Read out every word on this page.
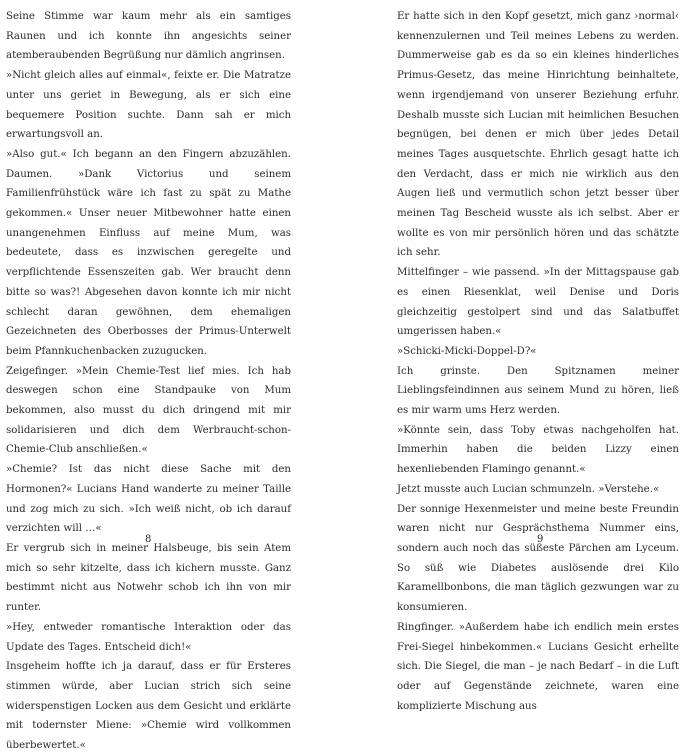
Seine Stimme war kaum mehr als ein samtiges Raunen und ich konnte ihn angesichts seiner atemberaubenden Begrüßung nur dämlich angrinsen.

»Nicht gleich alles auf einmal«, feixte er. Die Matratze unter uns geriet in Bewegung, als er sich eine bequemere Position suchte. Dann sah er mich erwartungsvoll an.

»Also gut.« Ich begann an den Fingern abzuzählen. Daumen. »Dank Victorius und seinem Familienfrühstück wäre ich fast zu spät zu Mathe gekommen.« Unser neuer Mitbewohner hatte einen unangenehmen Einfluss auf meine Mum, was bedeutete, dass es inzwischen geregelte und verpflichtende Essenszeiten gab. Wer braucht denn bitte so was?! Abgesehen davon konnte ich mir nicht schlecht daran gewöhnen, dem ehemaligen Gezeichneten des Oberbosses der Primus-Unterwelt beim Pfannkuchenbacken zuzugucken.

Zeigefinger. »Mein Chemie-Test lief mies. Ich hab deswegen schon eine Standpauke von Mum bekommen, also musst du dich dringend mit mir solidarisieren und dich dem Werbraucht-schon-Chemie-Club anschließen.«

»Chemie? Ist das nicht diese Sache mit den Hormonen?« Lucians Hand wanderte zu meiner Taille und zog mich zu sich. »Ich weiß nicht, ob ich darauf verzichten will …«

Er vergrub sich in meiner Halsbeuge, bis sein Atem mich so sehr kitzelte, dass ich kichern musste. Ganz bestimmt nicht aus Notwehr schob ich ihn von mir runter.

»Hey, entweder romantische Interaktion oder das Update des Tages. Entscheid dich!«

Insgeheim hoffte ich ja darauf, dass er für Ersteres stimmen würde, aber Lucian strich sich seine widerspenstigen Locken aus dem Gesicht und erklärte mit todernster Miene: »Chemie wird vollkommen überbewertet.«

8

Er hatte sich in den Kopf gesetzt, mich ganz ›normal‹ kennenzulernen und Teil meines Lebens zu werden. Dummerweise gab es da so ein kleines hinderliches Primus-Gesetz, das meine Hinrichtung beinhaltete, wenn irgendjemand von unserer Beziehung erfuhr. Deshalb musste sich Lucian mit heimlichen Besuchen begnügen, bei denen er mich über jedes Detail meines Tages ausquetschte. Ehrlich gesagt hatte ich den Verdacht, dass er mich nie wirklich aus den Augen ließ und vermutlich schon jetzt besser über meinen Tag Bescheid wusste als ich selbst. Aber er wollte es von mir persönlich hören und das schätzte ich sehr.

Mittelfinger – wie passend. »In der Mittagspause gab es einen Riesenklat, weil Denise und Doris gleichzeitig gestolpert sind und das Salatbuffet umgerissen haben.«

»Schicki-Micki-Doppel-D?«

Ich grinste. Den Spitznamen meiner Lieblingsfeindinnen aus seinem Mund zu hören, ließ es mir warm ums Herz werden.

»Könnte sein, dass Toby etwas nachgeholfen hat. Immerhin haben die beiden Lizzy einen hexenliebenden Flamingo genannt.«

Jetzt musste auch Lucian schmunzeln. »Verstehe.«

Der sonnige Hexenmeister und meine beste Freundin waren nicht nur Gesprächsthema Nummer eins, sondern auch noch das süßeste Pärchen am Lyceum. So süß wie Diabetes auslösende drei Kilo Karamellbonbons, die man täglich gezwungen war zu konsumieren.

Ringfinger. »Außerdem habe ich endlich mein erstes Frei-Siegel hinbekommen.« Lucians Gesicht erhellte sich. Die Siegel, die man – je nach Bedarf – in die Luft oder auf Gegenstände zeichnete, waren eine komplizierte Mischung aus

9
